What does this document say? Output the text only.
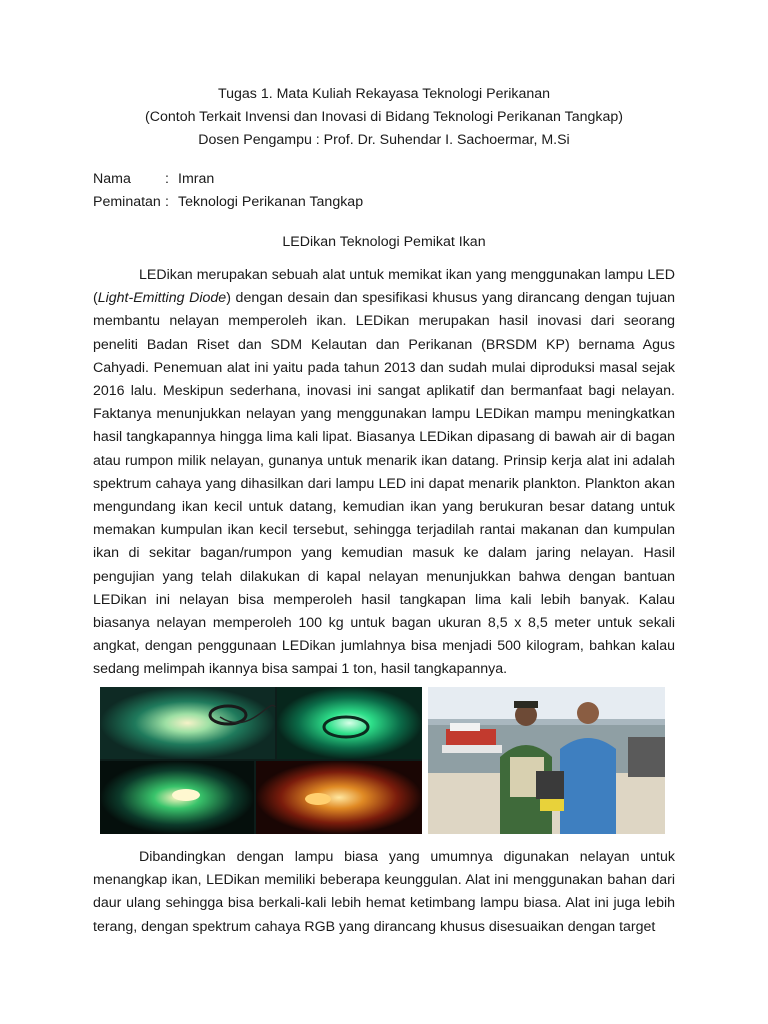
Tugas 1. Mata Kuliah Rekayasa Teknologi Perikanan
(Contoh Terkait Invensi dan Inovasi di Bidang Teknologi Perikanan Tangkap)
Dosen Pengampu : Prof. Dr. Suhendar I. Sachoermar, M.Si
Nama : Imran
Peminatan : Teknologi Perikanan Tangkap
LEDikan Teknologi Pemikat Ikan

LEDikan merupakan sebuah alat untuk memikat ikan yang menggunakan lampu LED (Light-Emitting Diode) dengan desain dan spesifikasi khusus yang dirancang dengan tujuan membantu nelayan memperoleh ikan. LEDikan merupakan hasil inovasi dari seorang peneliti Badan Riset dan SDM Kelautan dan Perikanan (BRSDM KP) bernama Agus Cahyadi. Penemuan alat ini yaitu pada tahun 2013 dan sudah mulai diproduksi masal sejak 2016 lalu. Meskipun sederhana, inovasi ini sangat aplikatif dan bermanfaat bagi nelayan. Faktanya menunjukkan nelayan yang menggunakan lampu LEDikan mampu meningkatkan hasil tangkapannya hingga lima kali lipat. Biasanya LEDikan dipasang di bawah air di bagan atau rumpon milik nelayan, gunanya untuk menarik ikan datang. Prinsip kerja alat ini adalah spektrum cahaya yang dihasilkan dari lampu LED ini dapat menarik plankton. Plankton akan mengundang ikan kecil untuk datang, kemudian ikan yang berukuran besar datang untuk memakan kumpulan ikan kecil tersebut, sehingga terjadilah rantai makanan dan kumpulan ikan di sekitar bagan/rumpon yang kemudian masuk ke dalam jaring nelayan. Hasil pengujian yang telah dilakukan di kapal nelayan menunjukkan bahwa dengan bantuan LEDikan ini nelayan bisa memperoleh hasil tangkapan lima kali lebih banyak. Kalau biasanya nelayan memperoleh 100 kg untuk bagan ukuran 8,5 x 8,5 meter untuk sekali angkat, dengan penggunaan LEDikan jumlahnya bisa menjadi 500 kilogram, bahkan kalau sedang melimpah ikannya bisa sampai 1 ton, hasil tangkapannya.

Dibandingkan dengan lampu biasa yang umumnya digunakan nelayan untuk menangkap ikan, LEDikan memiliki beberapa keunggulan. Alat ini menggunakan bahan dari daur ulang sehingga bisa berkali-kali lebih hemat ketimbang lampu biasa. Alat ini juga lebih terang, dengan spektrum cahaya RGB yang dirancang khusus disesuaikan dengan target
